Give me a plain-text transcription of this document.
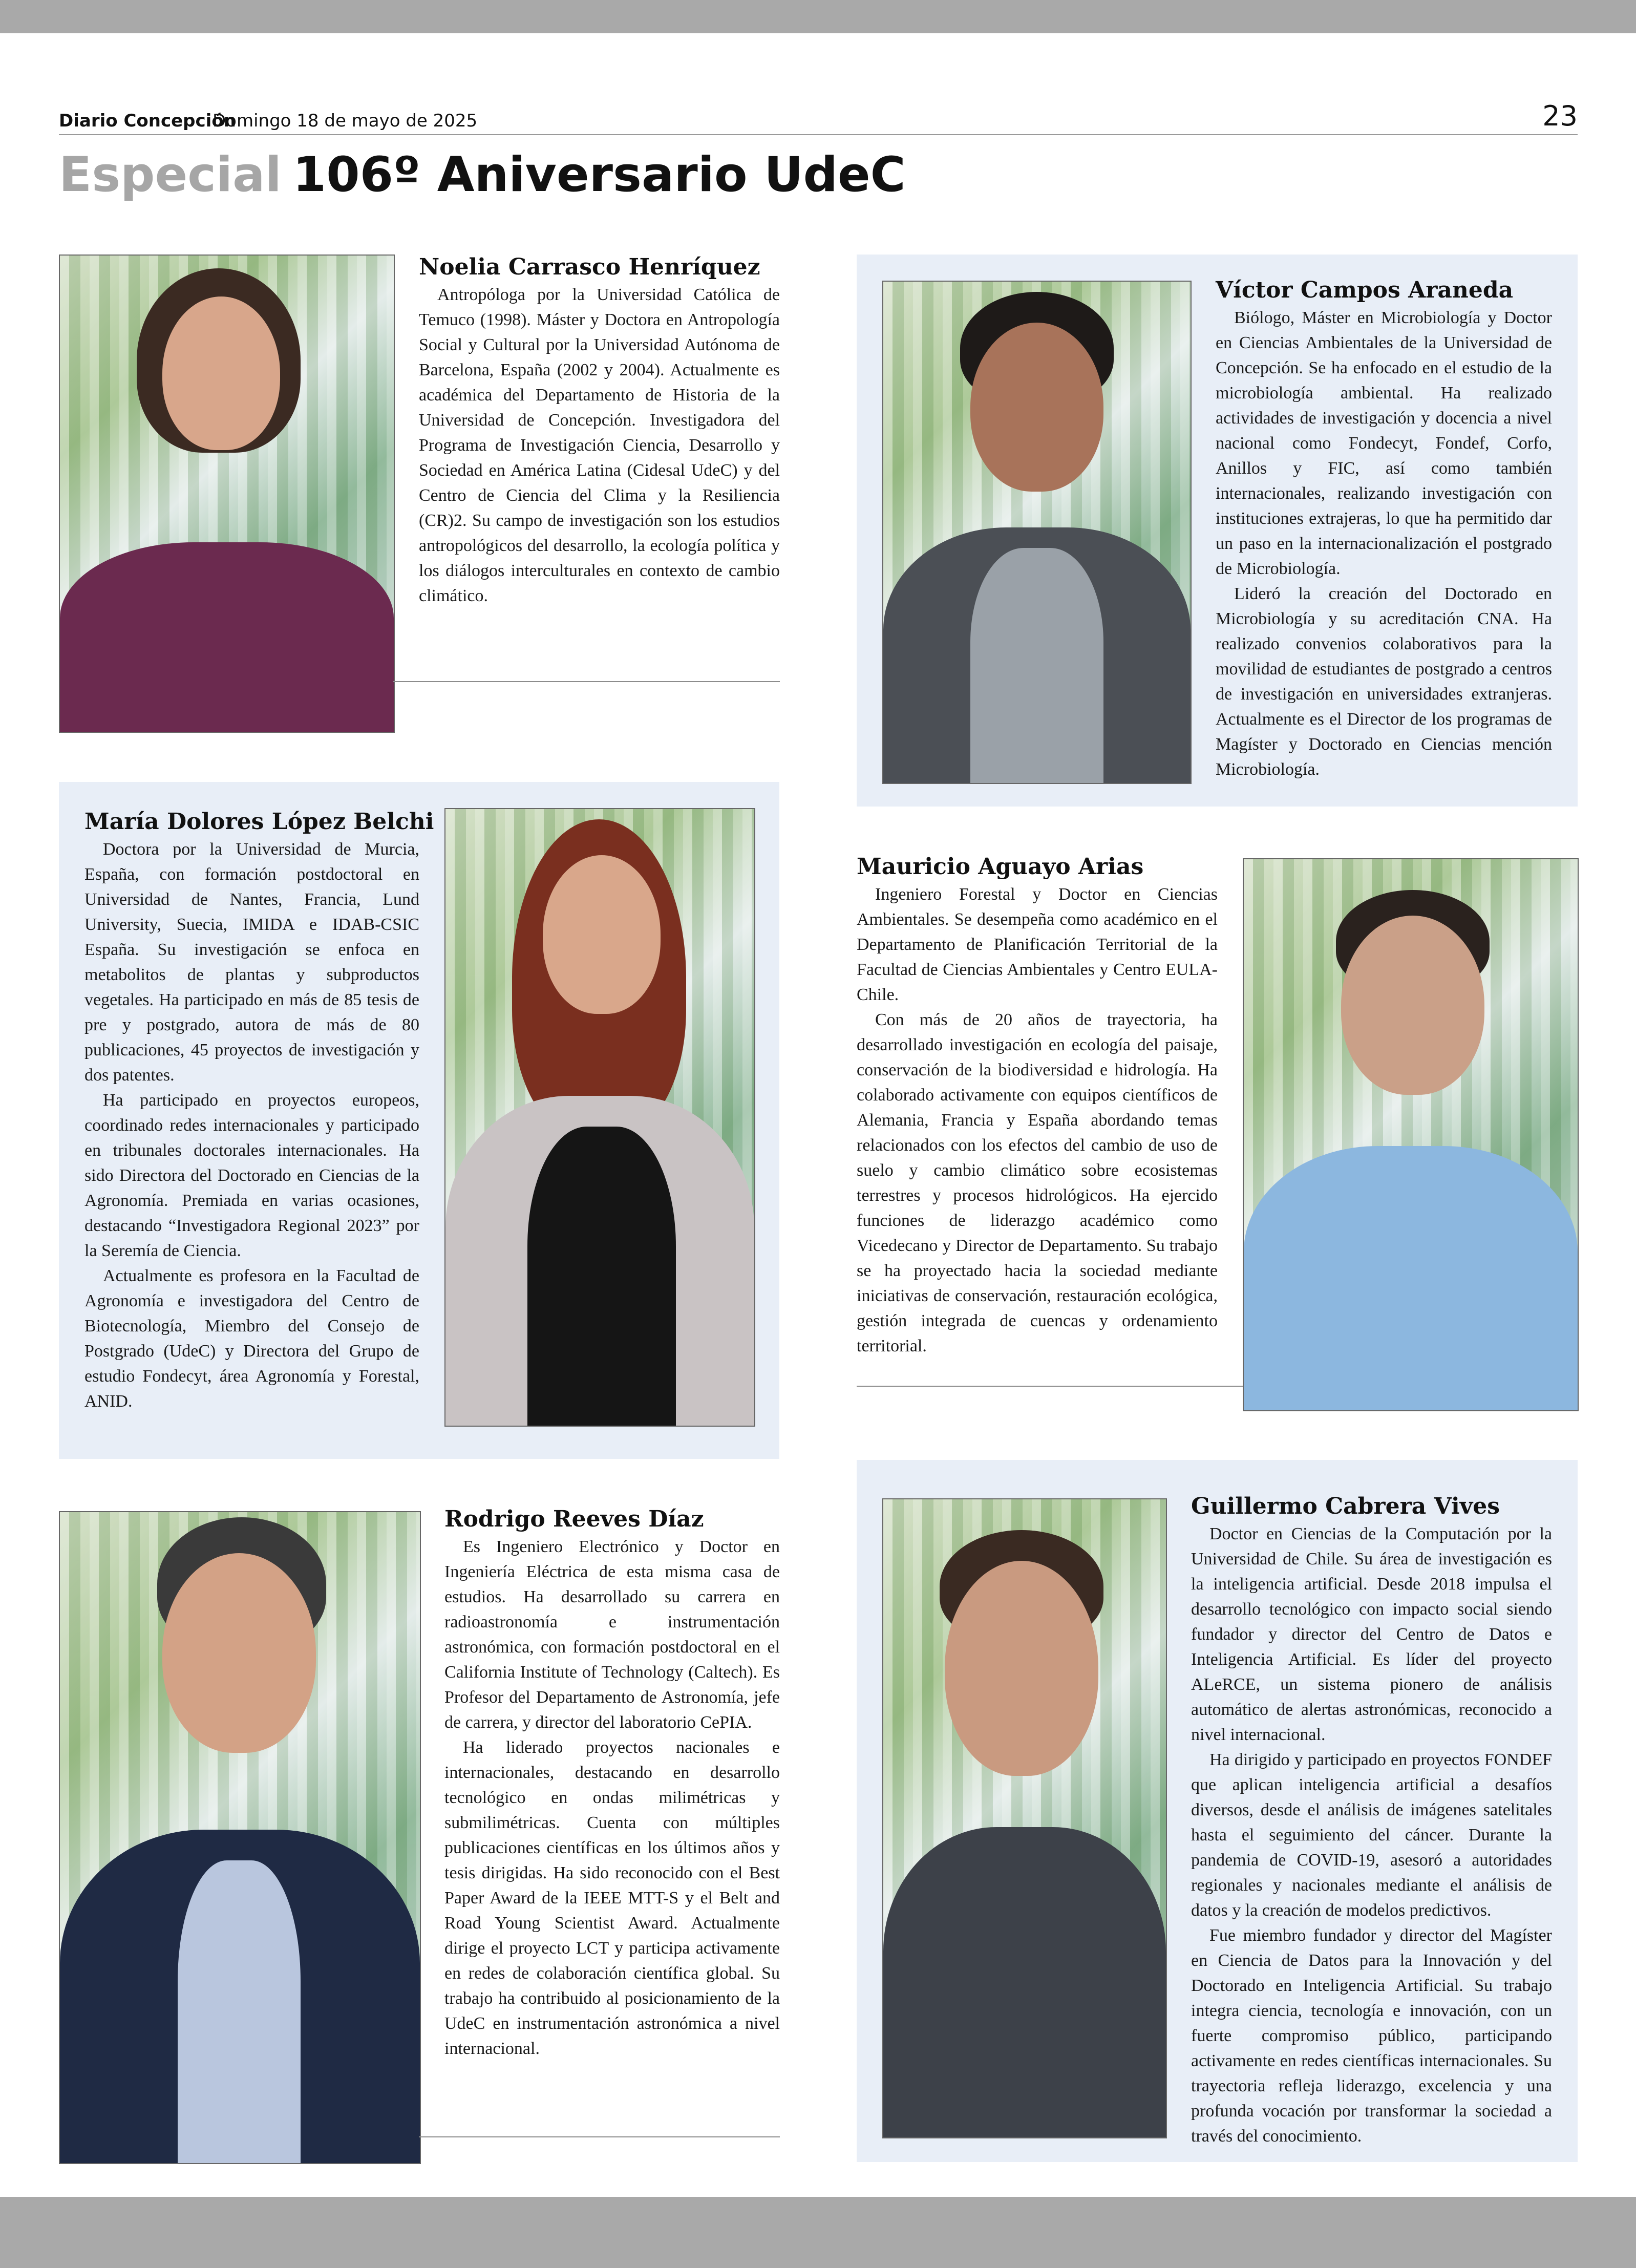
Diario Concepción
Domingo 18 de mayo de 2025	23
Especial 106º Aniversario UdeC
Noelia Carrasco Henríquez

Antropóloga por la Universidad Católica de Temuco (1998). Máster y Doctora en Antropología Social y Cultural por la Universidad Autónoma de Barcelona, España (2002 y 2004). Actualmente es académica del Departamento de Historia de la Universidad de Concepción. Investigadora del Programa de Investigación Ciencia, Desarrollo y Sociedad en América Latina (Cidesal UdeC) y del Centro de Ciencia del Clima y la Resiliencia (CR)2. Su campo de investigación son los estudios antropológicos del desarrollo, la ecología política y los diálogos interculturales en contexto de cambio climático.

Víctor Campos Araneda

Biólogo, Máster en Microbiología y Doctor en Ciencias Ambientales de la Universidad de Concepción. Se ha enfocado en el estudio de la microbiología ambiental. Ha realizado actividades de investigación y docencia a nivel nacional como Fondecyt, Fondef, Corfo, Anillos y FIC, así como también internacionales, realizando investigación con instituciones extrajeras, lo que ha permitido dar un paso en la internacionalización el postgrado de Microbiología.

Lideró la creación del Doctorado en Microbiología y su acreditación CNA. Ha realizado convenios colaborativos para la movilidad de estudiantes de postgrado a centros de investigación en universidades extranjeras. Actualmente es el Director de los programas de Magíster y Doctorado en Ciencias mención Microbiología.

María Dolores López Belchi

Doctora por la Universidad de Murcia, España, con formación postdoctoral en Universidad de Nantes, Francia, Lund University, Suecia, IMIDA e IDAB-CSIC España. Su investigación se enfoca en metabolitos de plantas y subproductos vegetales. Ha participado en más de 85 tesis de pre y postgrado, autora de más de 80 publicaciones, 45 proyectos de investigación y dos patentes.

Ha participado en proyectos europeos, coordinado redes internacionales y participado en tribunales doctorales internacionales. Ha sido Directora del Doctorado en Ciencias de la Agronomía. Premiada en varias ocasiones, destacando “Investigadora Regional 2023” por la Seremía de Ciencia.

Actualmente es profesora en la Facultad de Agronomía e investigadora del Centro de Biotecnología, Miembro del Consejo de Postgrado (UdeC) y Directora del Grupo de estudio Fondecyt, área Agronomía y Forestal, ANID.

Mauricio Aguayo Arias

Ingeniero Forestal y Doctor en Ciencias Ambientales. Se desempeña como académico en el Departamento de Planificación Territorial de la Facultad de Ciencias Ambientales y Centro EULA-Chile.

Con más de 20 años de trayectoria, ha desarrollado investigación en ecología del paisaje, conservación de la biodiversidad e hidrología. Ha colaborado activamente con equipos científicos de Alemania, Francia y España abordando temas relacionados con los efectos del cambio de uso de suelo y cambio climático sobre ecosistemas terrestres y procesos hidrológicos. Ha ejercido funciones de liderazgo académico como Vicedecano y Director de Departamento. Su trabajo se ha proyectado hacia la sociedad mediante iniciativas de conservación, restauración ecológica, gestión integrada de cuencas y ordenamiento territorial.

Rodrigo Reeves Díaz

Es Ingeniero Electrónico y Doctor en Ingeniería Eléctrica de esta misma casa de estudios. Ha desarrollado su carrera en radioastronomía e instrumentación astronómica, con formación postdoctoral en el California Institute of Technology (Caltech). Es Profesor del Departamento de Astronomía, jefe de carrera, y director del laboratorio CePIA.

Ha liderado proyectos nacionales e internacionales, destacando en desarrollo tecnológico en ondas milimétricas y submilimétricas. Cuenta con múltiples publicaciones científicas en los últimos años y tesis dirigidas. Ha sido reconocido con el Best Paper Award de la IEEE MTT-S y el Belt and Road Young Scientist Award. Actualmente dirige el proyecto LCT y participa activamente en redes de colaboración científica global. Su trabajo ha contribuido al posicionamiento de la UdeC en instrumentación astronómica a nivel internacional.

Guillermo Cabrera Vives

Doctor en Ciencias de la Computación por la Universidad de Chile. Su área de investigación es la inteligencia artificial. Desde 2018 impulsa el desarrollo tecnológico con impacto social siendo fundador y director del Centro de Datos e Inteligencia Artificial. Es líder del proyecto ALeRCE, un sistema pionero de análisis automático de alertas astronómicas, reconocido a nivel internacional.

Ha dirigido y participado en proyectos FONDEF que aplican inteligencia artificial a desafíos diversos, desde el análisis de imágenes satelitales hasta el seguimiento del cáncer. Durante la pandemia de COVID-19, asesoró a autoridades regionales y nacionales mediante el análisis de datos y la creación de modelos predictivos.

Fue miembro fundador y director del Magíster en Ciencia de Datos para la Innovación y del Doctorado en Inteligencia Artificial. Su trabajo integra ciencia, tecnología e innovación, con un fuerte compromiso público, participando activamente en redes científicas internacionales. Su trayectoria refleja liderazgo, excelencia y una profunda vocación por transformar la sociedad a través del conocimiento.
